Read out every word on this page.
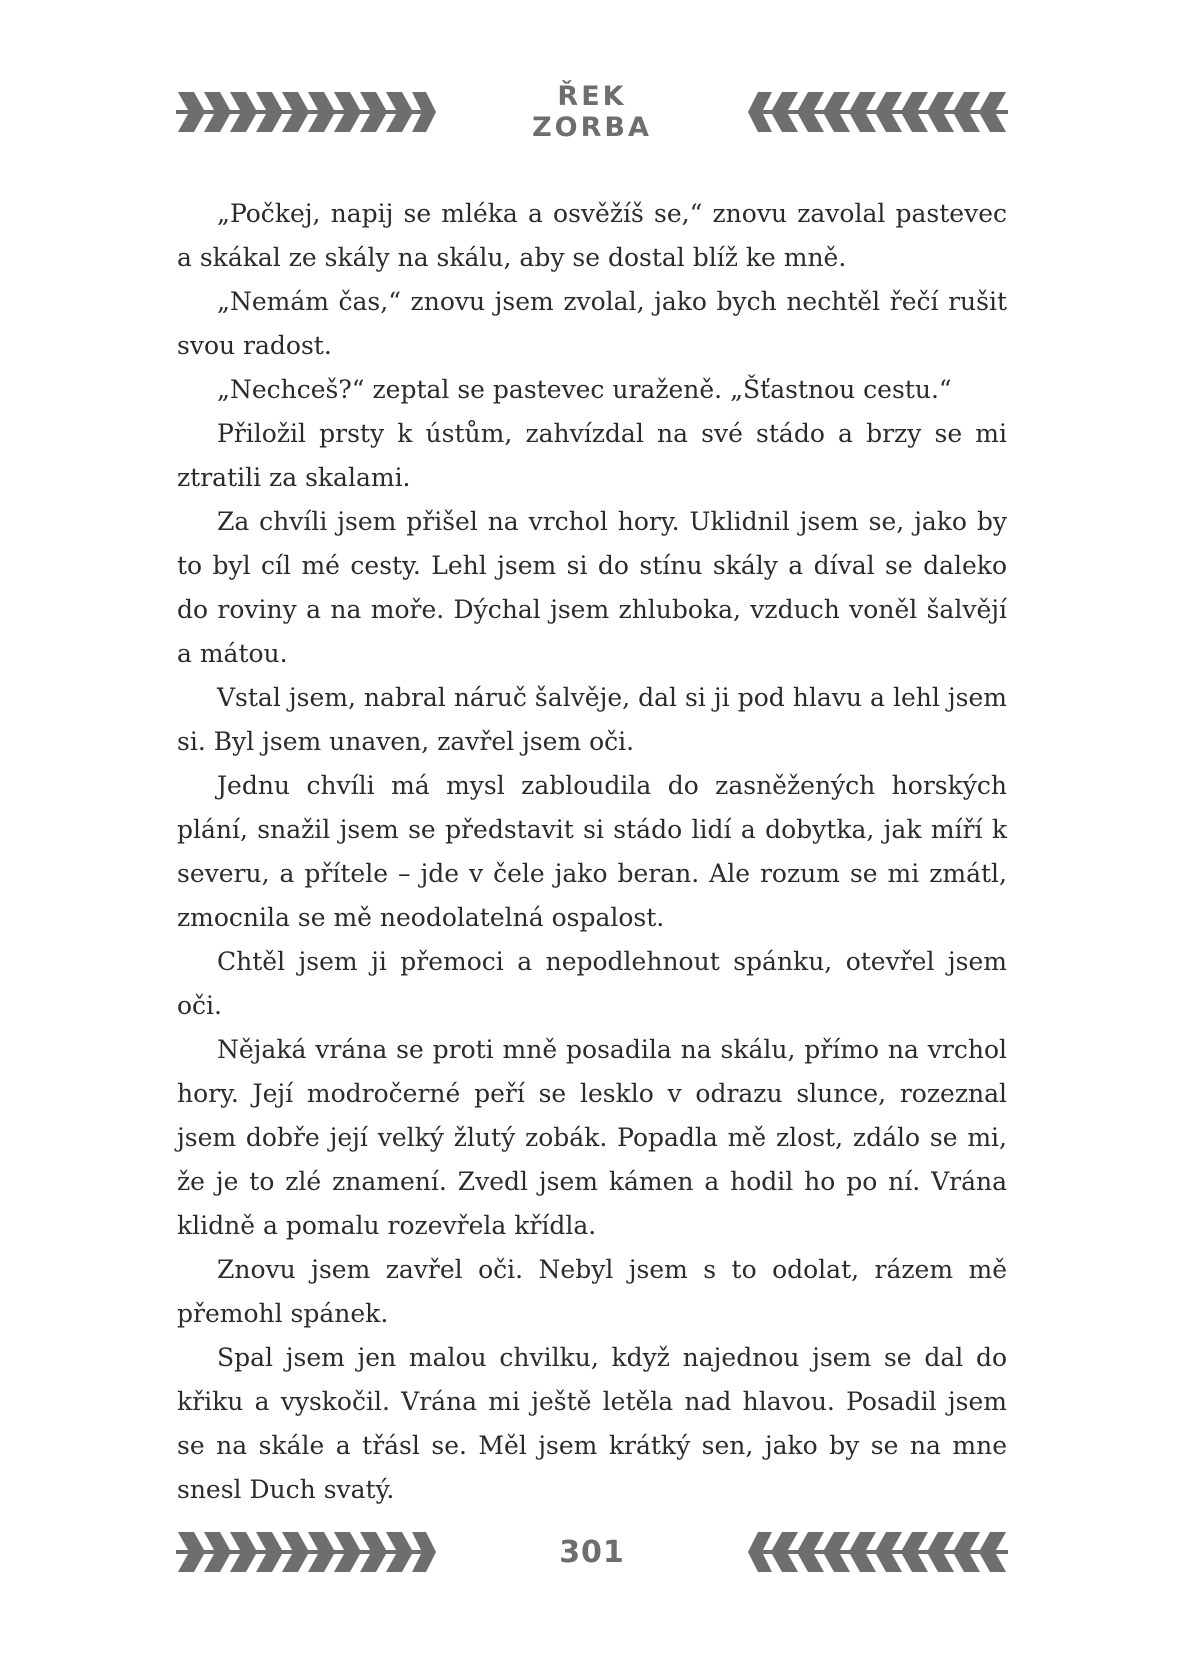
ŘEK ZORBA

„Počkej, napij se mléka a osvěžíš se,“ znovu zavolal pastevec a skákal ze skály na skálu, aby se dostal blíž ke mně.

„Nemám čas,“ znovu jsem zvolal, jako bych nechtěl řečí rušit svou radost.

„Nechceš?“ zeptal se pastevec uraženě. „Šťastnou cestu.“

Přiložil prsty k ústům, zahvízdal na své stádo a brzy se mi ztratili za skalami.

Za chvíli jsem přišel na vrchol hory. Uklidnil jsem se, jako by to byl cíl mé cesty. Lehl jsem si do stínu skály a díval se daleko do roviny a na moře. Dýchal jsem zhluboka, vzduch voněl šalvějí a mátou.

Vstal jsem, nabral náruč šalvěje, dal si ji pod hlavu a lehl jsem si. Byl jsem unaven, zavřel jsem oči.

Jednu chvíli má mysl zabloudila do zasněžených horských plání, snažil jsem se představit si stádo lidí a dobytka, jak míří k severu, a přítele – jde v čele jako beran. Ale rozum se mi zmátl, zmocnila se mě neodolatelná ospalost.

Chtěl jsem ji přemoci a nepodlehnout spánku, otevřel jsem oči.

Nějaká vrána se proti mně posadila na skálu, přímo na vrchol hory. Její modročerné peří se lesklo v odrazu slunce, rozeznal jsem dobře její velký žlutý zobák. Popadla mě zlost, zdálo se mi, že je to zlé znamení. Zvedl jsem kámen a hodil ho po ní. Vrána klidně a pomalu rozevřela křídla.

Znovu jsem zavřel oči. Nebyl jsem s to odolat, rázem mě přemohl spánek.

Spal jsem jen malou chvilku, když najednou jsem se dal do křiku a vyskočil. Vrána mi ještě letěla nad hlavou. Posadil jsem se na skále a třásl se. Měl jsem krátký sen, jako by se na mne snesl Duch svatý.

301
